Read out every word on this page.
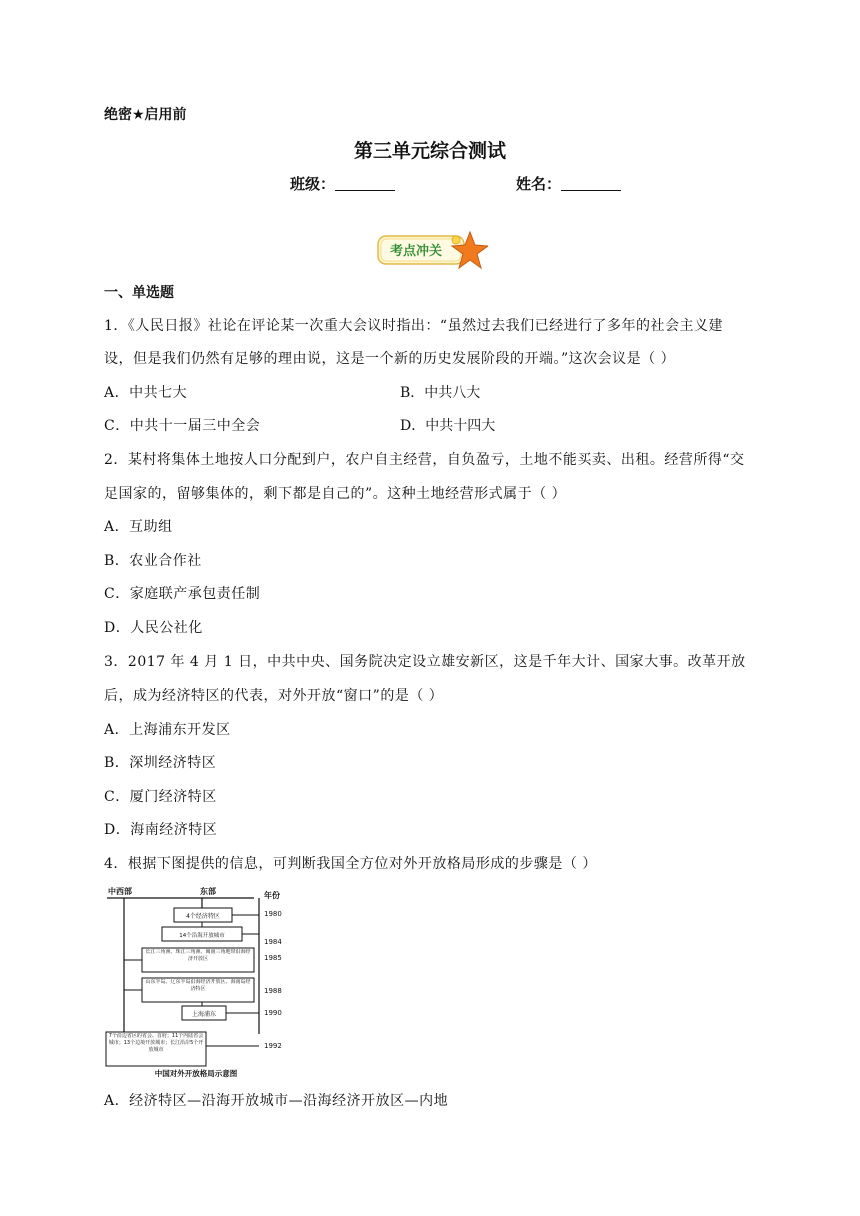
绝密★启用前
第三单元综合测试
班级：	姓名：
考点冲关
一、单选题
1．《人民日报》社论在评论某一次重大会议时指出：“虽然过去我们已经进行了多年的社会主义建
设，但是我们仍然有足够的理由说，这是一个新的历史发展阶段的开端。”这次会议是（ ）
A．中共七大	B．中共八大
C．中共十一届三中全会	D．中共十四大
2．某村将集体土地按人口分配到户，农户自主经营，自负盈亏，土地不能买卖、出租。经营所得“交
足国家的，留够集体的，剩下都是自己的”。这种土地经营形式属于（ ）
A．互助组
B．农业合作社
C．家庭联产承包责任制
D．人民公社化
3．2017 年 4 月 1 日，中共中央、国务院决定设立雄安新区，这是千年大计、国家大事。改革开放
后，成为经济特区的代表，对外开放“窗口”的是（ ）
A．上海浦东开发区
B．深圳经济特区
C．厦门经济特区
D．海南经济特区
4．根据下图提供的信息，可判断我国全方位对外开放格局形成的步骤是（ ）
中西部	东部	年份
1980
1984
1985
1988
1990
1992
4个经济特区
14个沿海开放城市
长江三角洲、珠江三角洲、闽南三角地带沿海经济开放区
山东半岛、辽东半岛沿海经济开放区、海南岛经济特区
上海浦东
7个沿边省区的省会、首府；11个内陆省会城市；13个边境开放城市；长江沿岸5个开放城市
中国对外开放格局示意图
A．经济特区—沿海开放城市—沿海经济开放区—内地
